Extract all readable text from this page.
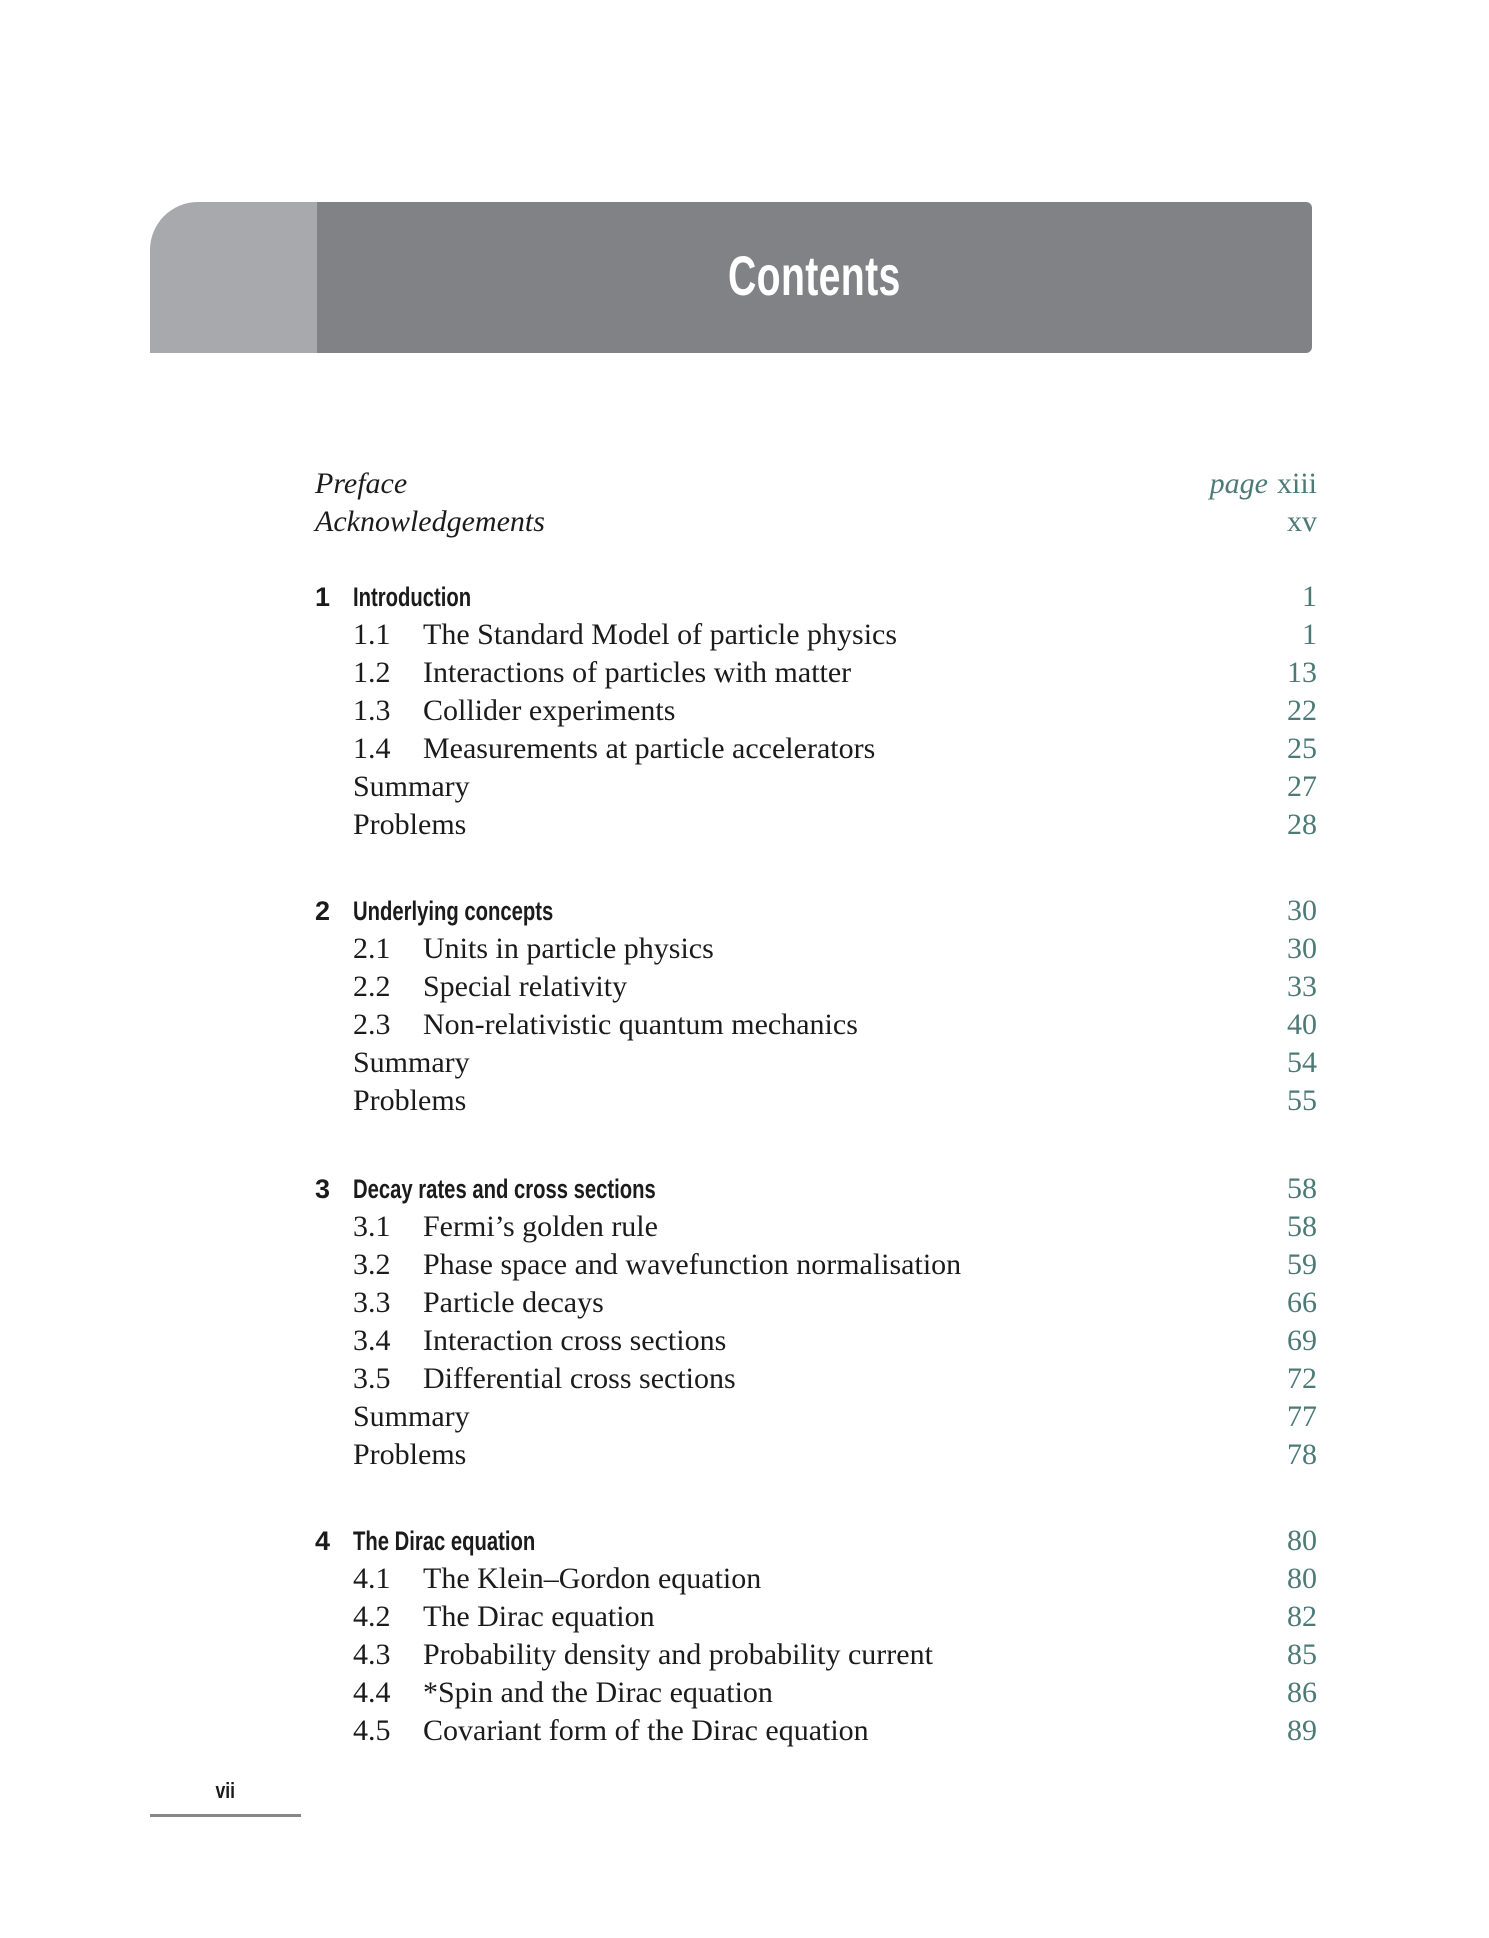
Contents
Preface	page xiii
Acknowledgements	xv
1 Introduction	1
1.1	The Standard Model of particle physics	1
1.2	Interactions of particles with matter	13
1.3	Collider experiments	22
1.4	Measurements at particle accelerators	25
Summary	27
Problems	28
2 Underlying concepts	30
2.1	Units in particle physics	30
2.2	Special relativity	33
2.3	Non-relativistic quantum mechanics	40
Summary	54
Problems	55
3 Decay rates and cross sections	58
3.1	Fermi’s golden rule	58
3.2	Phase space and wavefunction normalisation	59
3.3	Particle decays	66
3.4	Interaction cross sections	69
3.5	Differential cross sections	72
Summary	77
Problems	78
4 The Dirac equation	80
4.1	The Klein–Gordon equation	80
4.2	The Dirac equation	82
4.3	Probability density and probability current	85
4.4	*Spin and the Dirac equation	86
4.5	Covariant form of the Dirac equation	89
vii
